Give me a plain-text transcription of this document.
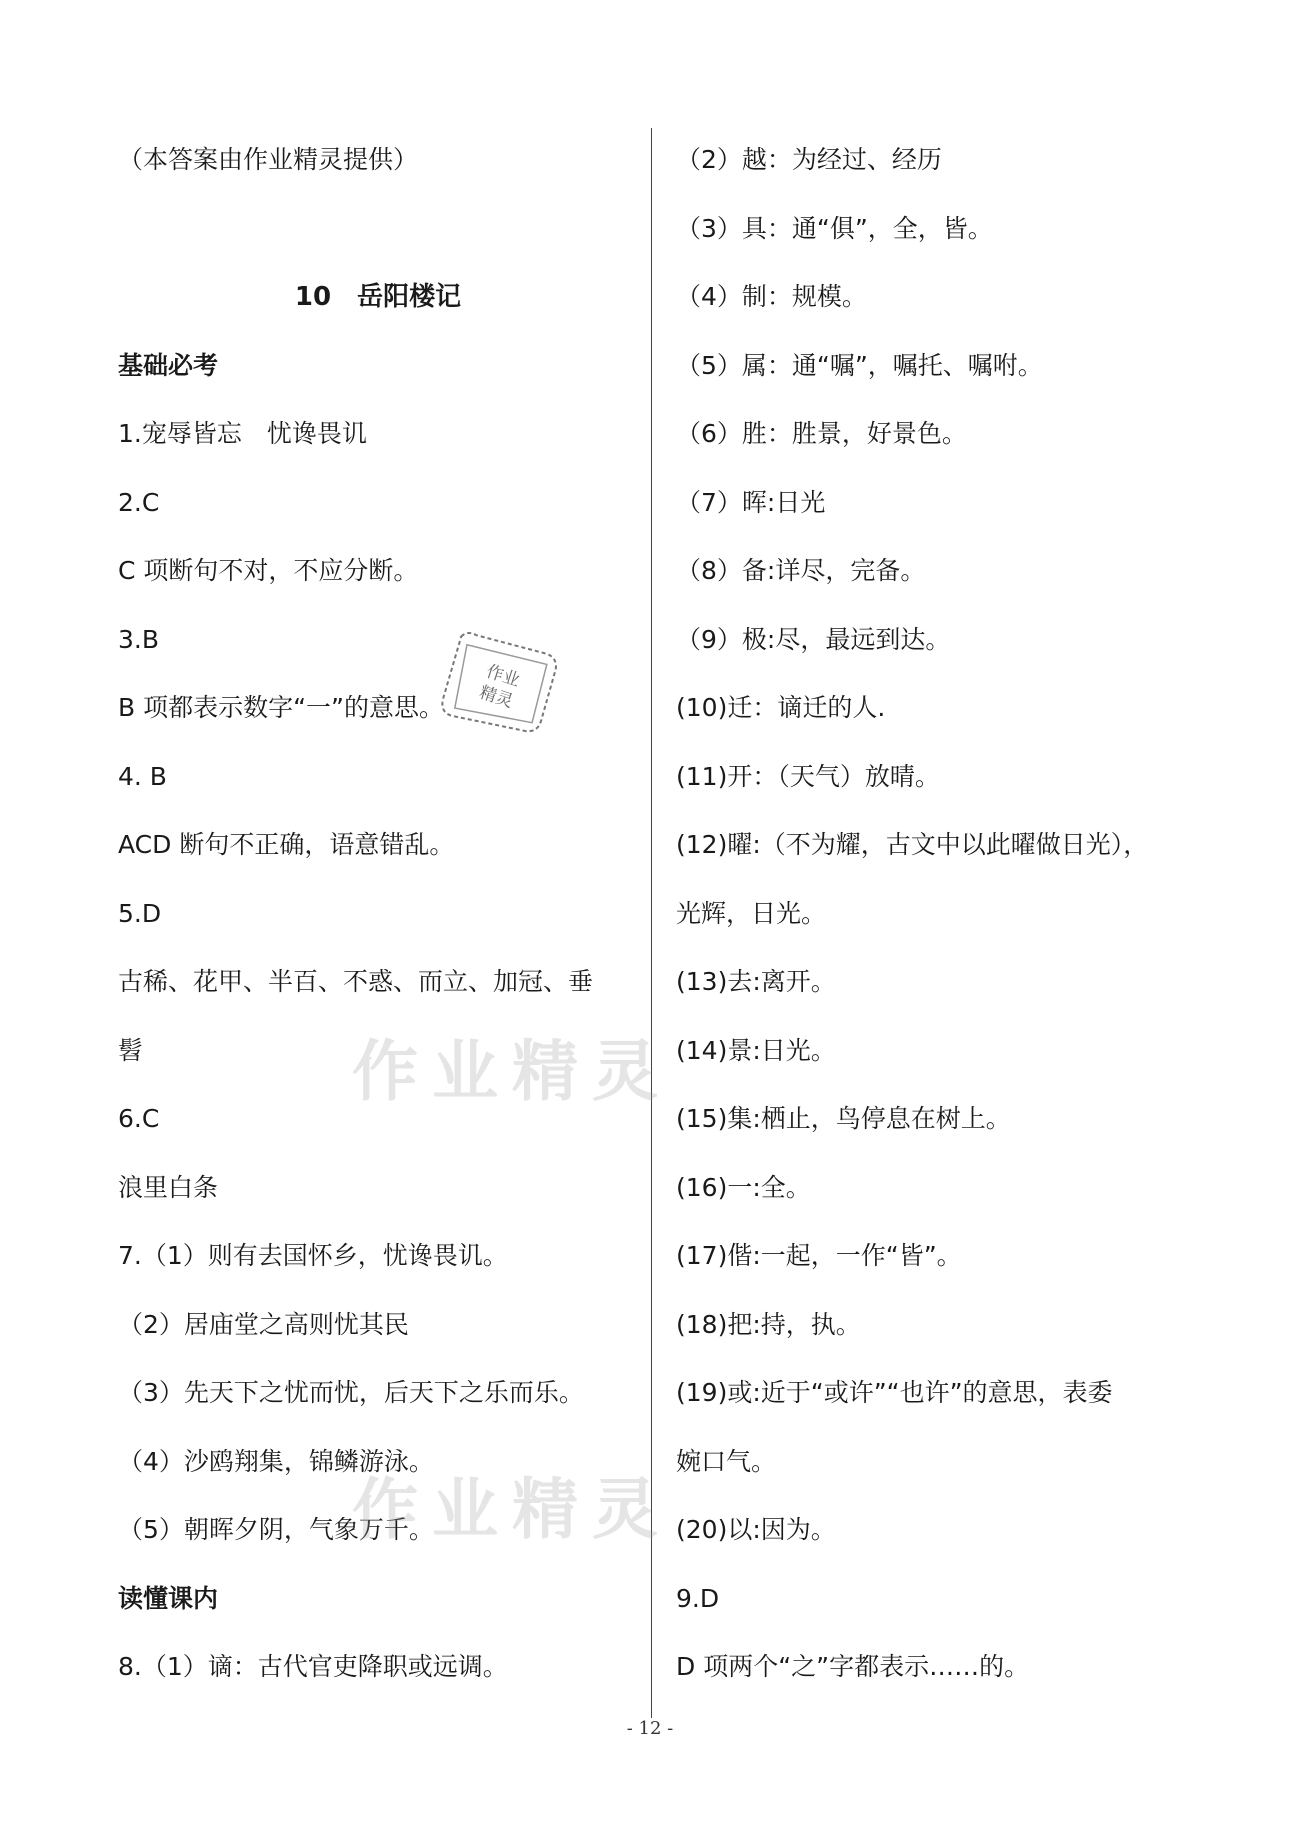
（本答案由作业精灵提供）
10　岳阳楼记
基础必考
1.宠辱皆忘　忧谗畏讥
2.C
C 项断句不对，不应分断。
3.B
B 项都表示数字“一”的意思。
4. B
ACD 断句不正确，语意错乱。
5.D
古稀、花甲、半百、不惑、而立、加冠、垂
髫
6.C
浪里白条
7.（1）则有去国怀乡，忧谗畏讥。
（2）居庙堂之高则忧其民
（3）先天下之忧而忧，后天下之乐而乐。
（4）沙鸥翔集，锦鳞游泳。
（5）朝晖夕阴，气象万千。
读懂课内
8.（1）谪：古代官吏降职或远调。
（2）越：为经过、经历
（3）具：通“俱”，全，皆。
（4）制：规模。
（5）属：通“嘱”，嘱托、嘱咐。
（6）胜：胜景，好景色。
（7）晖:日光
（8）备:详尽，完备。
（9）极:尽，最远到达。
(10)迁：谪迁的人.
(11)开：（天气）放晴。
(12)曜:（不为耀，古文中以此曜做日光），
光辉，日光。
(13)去:离开。
(14)景:日光。
(15)集:栖止，鸟停息在树上。
(16)一:全。
(17)偕:一起，一作“皆”。
(18)把:持，执。
(19)或:近于“或许”“也许”的意思，表委
婉口气。
(20)以:因为。
9.D
D 项两个“之”字都表示……的。
作业
精灵
作业精灵
作业精灵
- 12 -
